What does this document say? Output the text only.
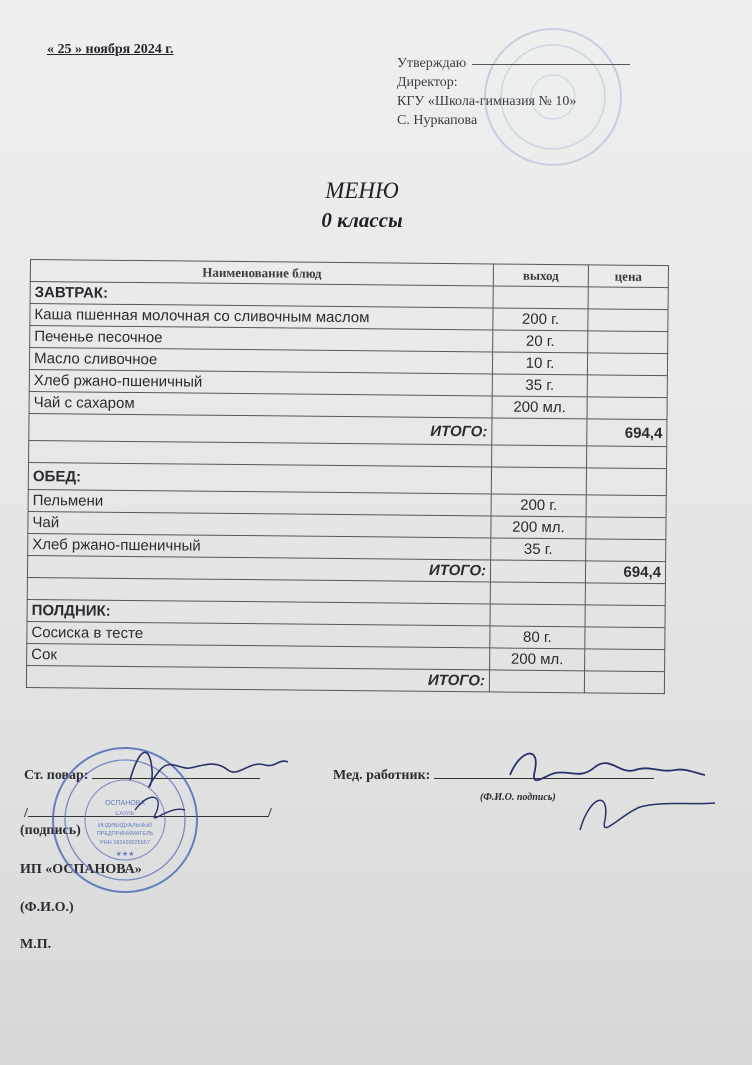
« 25 » ноября 2024 г.
Утверждаю
Директор:
КГУ «Школа-гимназия № 10»
С. Нуркапова
МЕНЮ
0 классы
Наименование блюд	выход	цена
ЗАВТРАК:		
Каша пшенная молочная со сливочным маслом	200 г.	
Печенье песочное	20 г.	
Масло сливочное	10 г.	
Хлеб ржано-пшеничный	35 г.	
Чай с сахаром	200 мл.	
ИТОГО:		694,4

ОБЕД:		
Пельмени	200 г.	
Чай	200 мл.	
Хлеб ржано-пшеничный	35 г.	
ИТОГО:		694,4

ПОЛДНИК:		
Сосиска в тесте	80 г.	
Сок	200 мл.	
ИТОГО:		
Ст. повар:	Мед. работник:
(Ф.И.О. подпись)
/	/
(подпись)
ИП «ОСПАНОВА»
(Ф.И.О.)
М.П.
ОСПАНОВА
САУЛЕ
ИНДИВИДУАЛЬНЫЙ
ПРЕДПРИНИМАТЕЛЬ
РНН 182420025567
★★★
